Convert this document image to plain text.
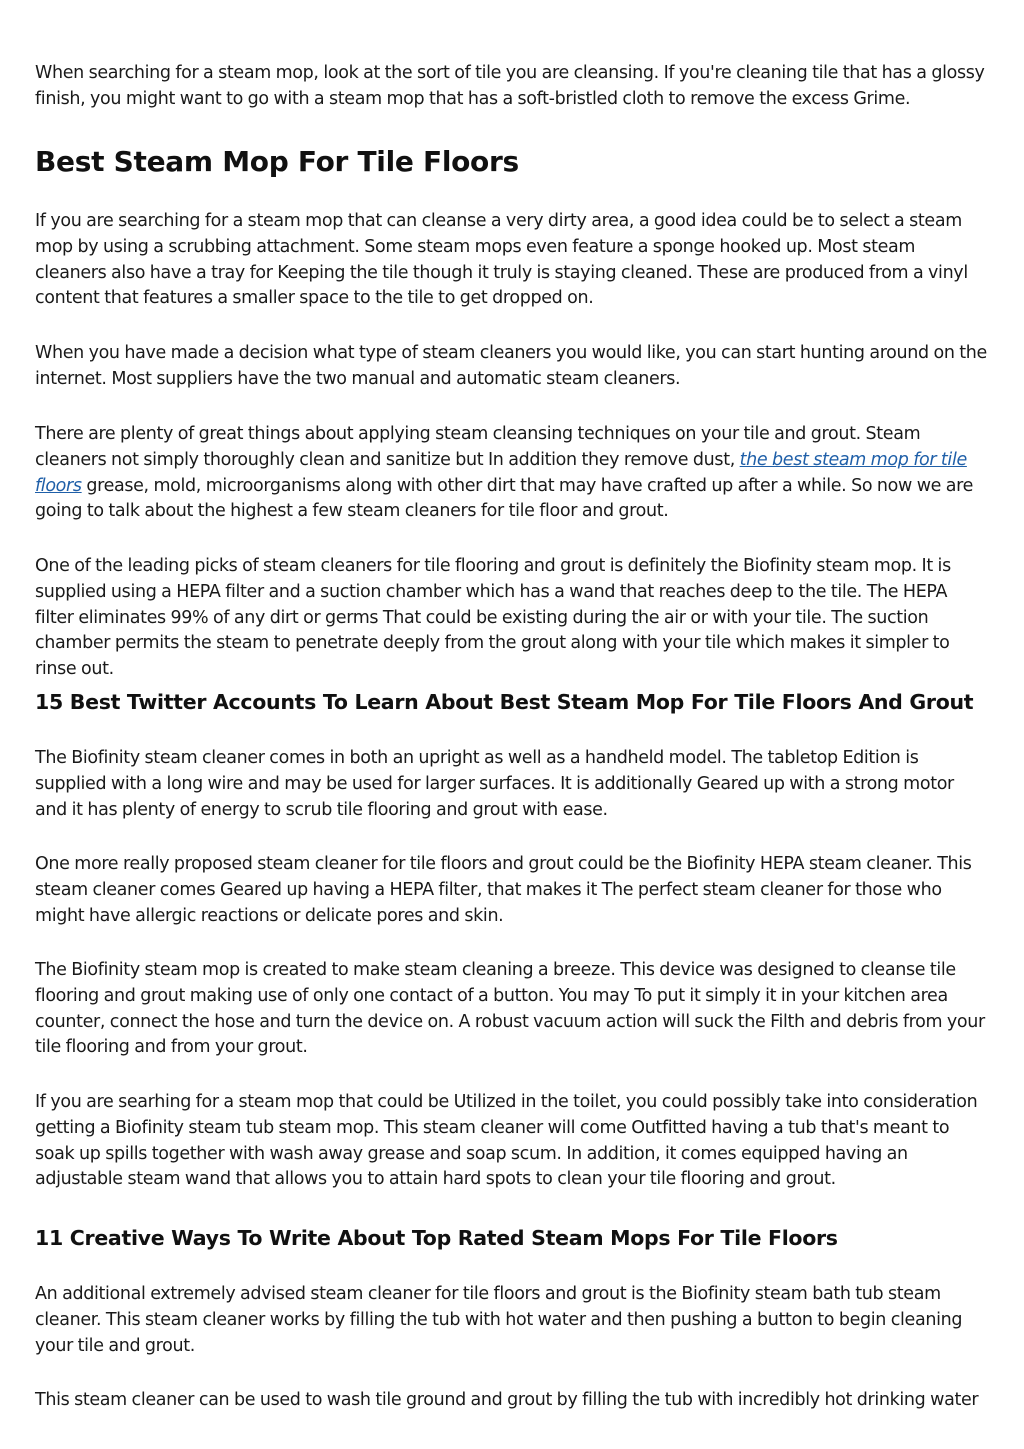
When searching for a steam mop, look at the sort of tile you are cleansing. If you're cleaning tile that has a glossy finish, you might want to go with a steam mop that has a soft-bristled cloth to remove the excess Grime.

Best Steam Mop For Tile Floors

If you are searching for a steam mop that can cleanse a very dirty area, a good idea could be to select a steam mop by using a scrubbing attachment. Some steam mops even feature a sponge hooked up. Most steam cleaners also have a tray for Keeping the tile though it truly is staying cleaned. These are produced from a vinyl content that features a smaller space to the tile to get dropped on.

When you have made a decision what type of steam cleaners you would like, you can start hunting around on the internet. Most suppliers have the two manual and automatic steam cleaners.

There are plenty of great things about applying steam cleansing techniques on your tile and grout. Steam cleaners not simply thoroughly clean and sanitize but In addition they remove dust, the best steam mop for tile floors grease, mold, microorganisms along with other dirt that may have crafted up after a while. So now we are going to talk about the highest a few steam cleaners for tile floor and grout.

One of the leading picks of steam cleaners for tile flooring and grout is definitely the Biofinity steam mop. It is supplied using a HEPA filter and a suction chamber which has a wand that reaches deep to the tile. The HEPA filter eliminates 99% of any dirt or germs That could be existing during the air or with your tile. The suction chamber permits the steam to penetrate deeply from the grout along with your tile which makes it simpler to rinse out.

15 Best Twitter Accounts To Learn About Best Steam Mop For Tile Floors And Grout

The Biofinity steam cleaner comes in both an upright as well as a handheld model. The tabletop Edition is supplied with a long wire and may be used for larger surfaces. It is additionally Geared up with a strong motor and it has plenty of energy to scrub tile flooring and grout with ease.

One more really proposed steam cleaner for tile floors and grout could be the Biofinity HEPA steam cleaner. This steam cleaner comes Geared up having a HEPA filter, that makes it The perfect steam cleaner for those who might have allergic reactions or delicate pores and skin.

The Biofinity steam mop is created to make steam cleaning a breeze. This device was designed to cleanse tile flooring and grout making use of only one contact of a button. You may To put it simply it in your kitchen area counter, connect the hose and turn the device on. A robust vacuum action will suck the Filth and debris from your tile flooring and from your grout.

If you are searhing for a steam mop that could be Utilized in the toilet, you could possibly take into consideration getting a Biofinity steam tub steam mop. This steam cleaner will come Outfitted having a tub that's meant to soak up spills together with wash away grease and soap scum. In addition, it comes equipped having an adjustable steam wand that allows you to attain hard spots to clean your tile flooring and grout.

11 Creative Ways To Write About Top Rated Steam Mops For Tile Floors

An additional extremely advised steam cleaner for tile floors and grout is the Biofinity steam bath tub steam cleaner. This steam cleaner works by filling the tub with hot water and then pushing a button to begin cleaning your tile and grout.

This steam cleaner can be used to wash tile ground and grout by filling the tub with incredibly hot drinking water
